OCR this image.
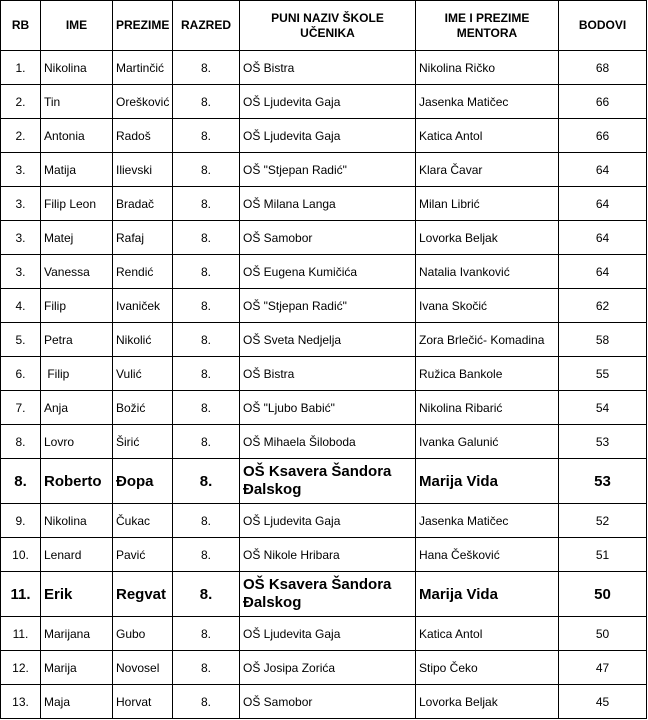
RB	IME	PREZIME	RAZRED	PUNI NAZIV ŠKOLE UČENIKA	IME I PREZIME MENTORA	BODOVI
1.	Nikolina	Martinčić	8.	OŠ Bistra	Nikolina Ričko	68
2.	Tin	Orešković	8.	OŠ Ljudevita Gaja	Jasenka Matičec	66
2.	Antonia	Radoš	8.	OŠ Ljudevita Gaja	Katica Antol	66
3.	Matija	Ilievski	8.	OŠ "Stjepan Radić"	Klara Čavar	64
3.	Filip Leon	Bradač	8.	OŠ Milana Langa	Milan Librić	64
3.	Matej	Rafaj	8.	OŠ Samobor	Lovorka Beljak	64
3.	Vanessa	Rendić	8.	OŠ Eugena Kumičića	Natalia Ivanković	64
4.	Filip	Ivaniček	8.	OŠ "Stjepan Radić"	Ivana Skočić	62
5.	Petra	Nikolić	8.	OŠ Sveta Nedjelja	Zora Brlečić- Komadina	58
6.	Filip	Vulić	8.	OŠ Bistra	Ružica Bankole	55
7.	Anja	Božić	8.	OŠ "Ljubo Babić"	Nikolina Ribarić	54
8.	Lovro	Širić	8.	OŠ Mihaela Šiloboda	Ivanka Galunić	53
8.	Roberto	Đopa	8.	OŠ Ksavera Šandora Đalskog	Marija Vida	53
9.	Nikolina	Čukac	8.	OŠ Ljudevita Gaja	Jasenka Matičec	52
10.	Lenard	Pavić	8.	OŠ Nikole Hribara	Hana Češković	51
11.	Erik	Regvat	8.	OŠ Ksavera Šandora Đalskog	Marija Vida	50
11.	Marijana	Gubo	8.	OŠ Ljudevita Gaja	Katica Antol	50
12.	Marija	Novosel	8.	OŠ Josipa Zorića	Stipo Čeko	47
13.	Maja	Horvat	8.	OŠ Samobor	Lovorka Beljak	45
